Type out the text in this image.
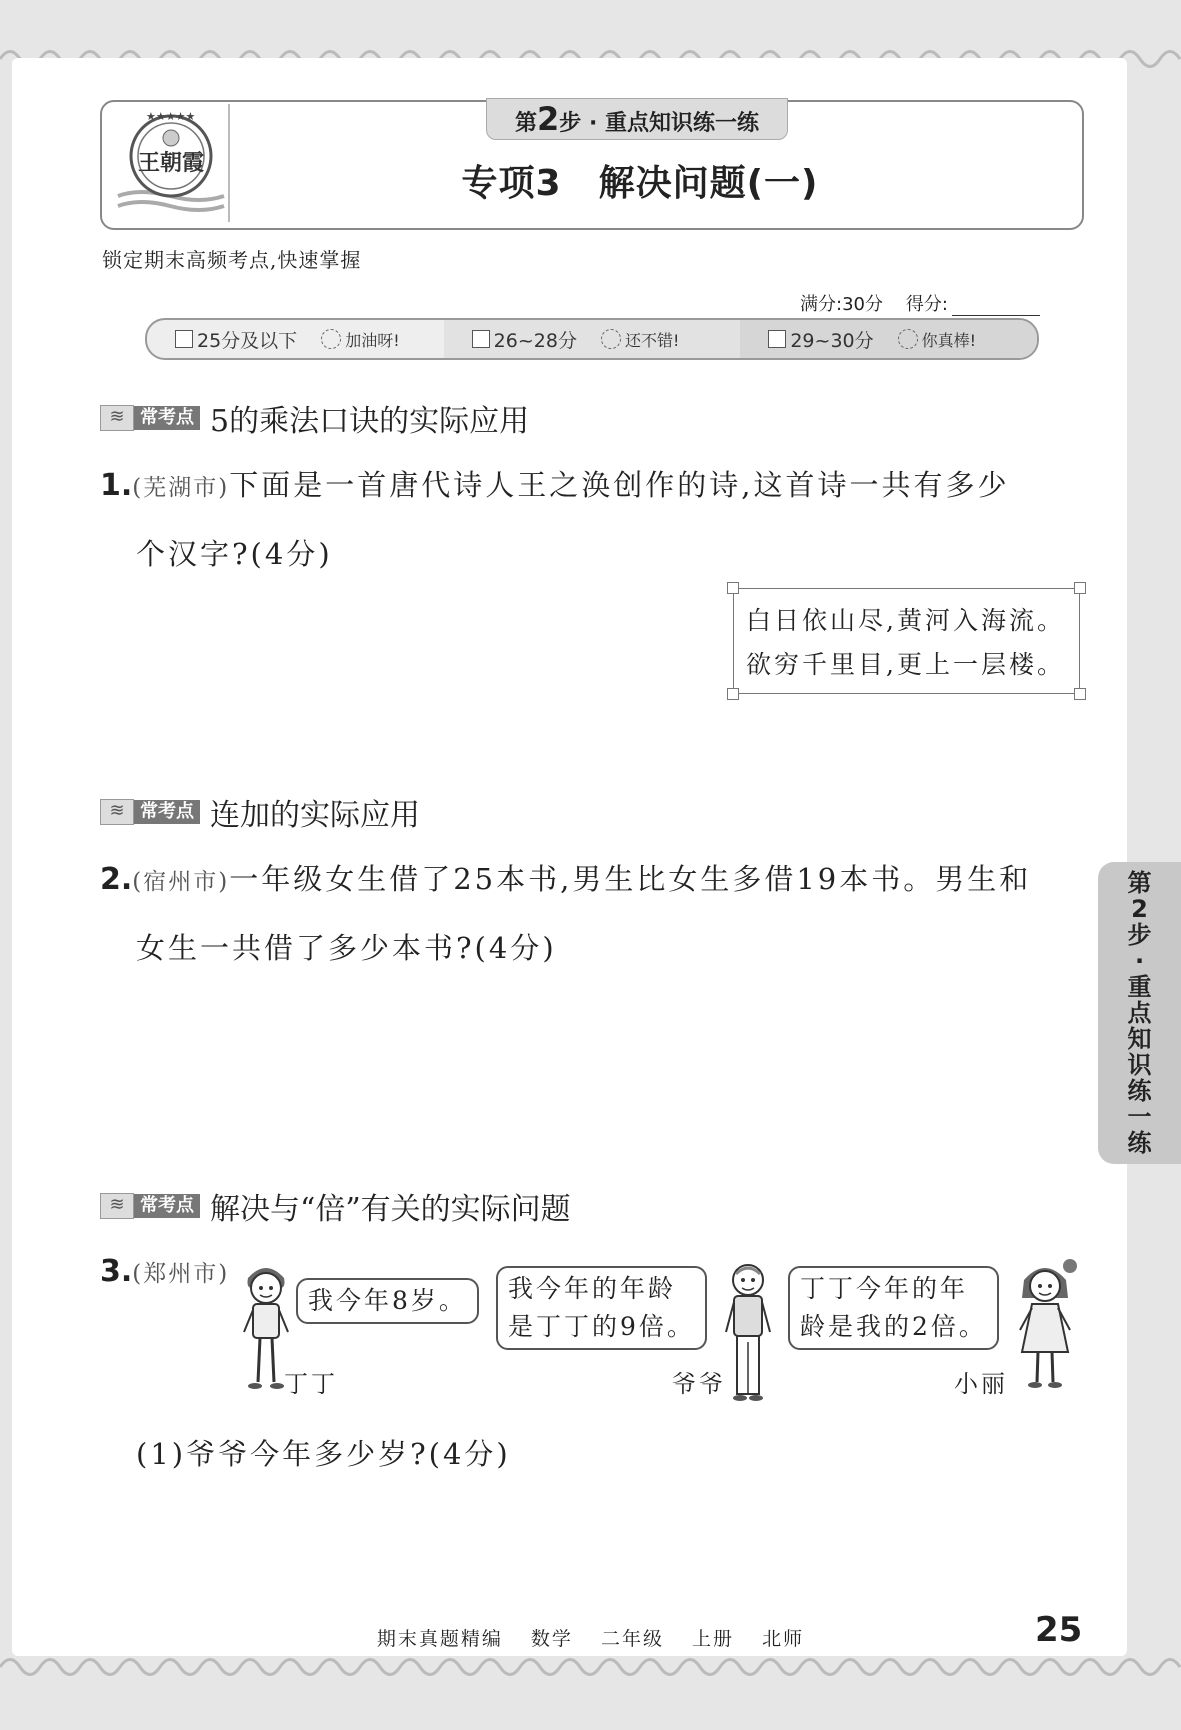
★★★★★
王朝霞
第2步 · 重点知识练一练
专项3　解决问题(一)
锁定期末高频考点,快速掌握
满分:30分 得分:
25分及以下	加油呀!	26~28分	还不错!	29~30分	你真棒!
≋ 常考点 5的乘法口诀的实际应用
1.(芜湖市)下面是一首唐代诗人王之涣创作的诗,这首诗一共有多少
个汉字?(4分)
白日依山尽,黄河入海流。
欲穷千里目,更上一层楼。
≋ 常考点 连加的实际应用
2.(宿州市)一年级女生借了25本书,男生比女生多借19本书。男生和
女生一共借了多少本书?(4分)
第
2
步
·
重
点
知
识
练
一
练
≋ 常考点 解决与“倍”有关的实际问题
3.(郑州市)
我今年8岁。
丁丁
我今年的年龄
是丁丁的9倍。
爷爷
丁丁今年的年
龄是我的2倍。
小丽
(1)爷爷今年多少岁?(4分)
期末真题精编 数学 二年级 上册 北师	25
